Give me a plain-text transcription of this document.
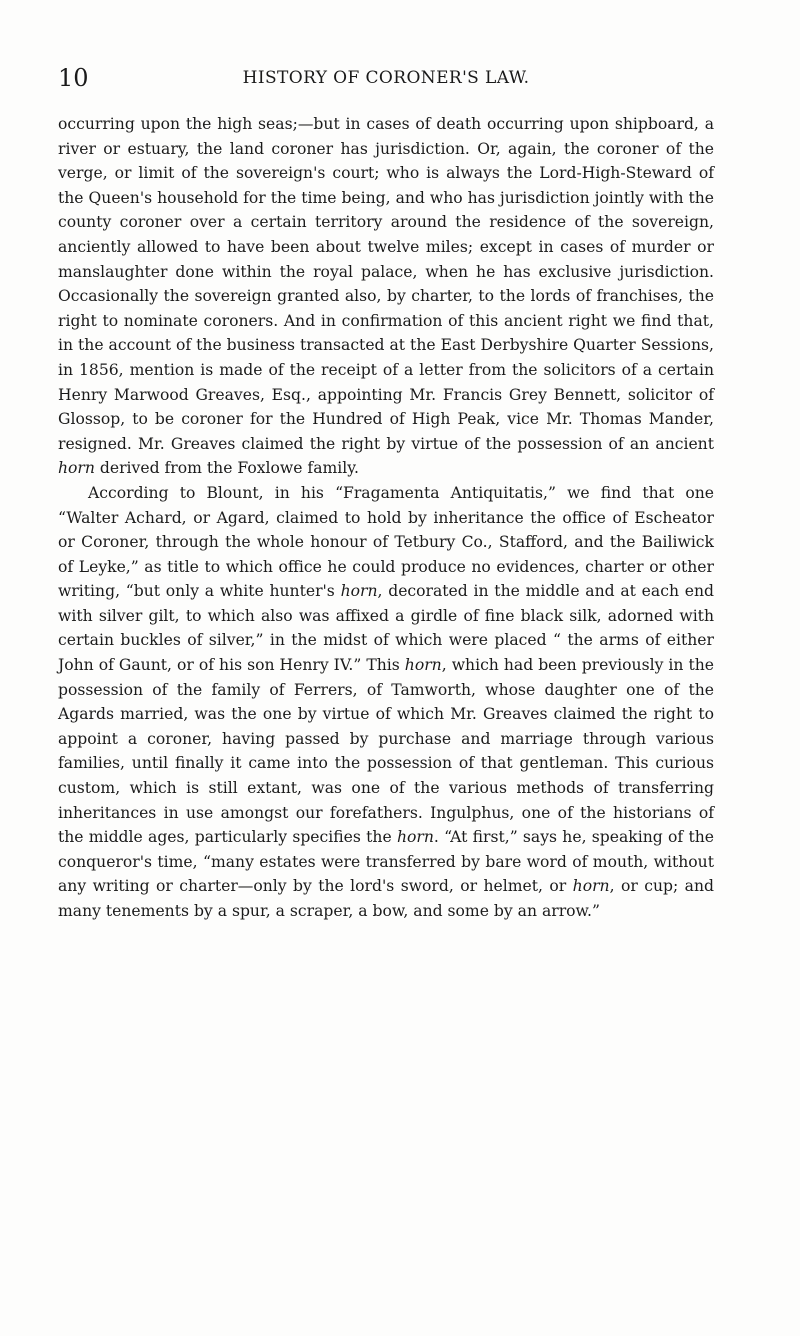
10	HISTORY OF CORONER'S LAW.

occurring upon the high seas;—but in cases of death occurring upon shipboard, a river or estuary, the land coroner has jurisdiction. Or, again, the coroner of the verge, or limit of the sovereign's court; who is always the Lord-High-Steward of the Queen's household for the time being, and who has jurisdiction jointly with the county coroner over a certain territory around the residence of the sovereign, anciently allowed to have been about twelve miles; except in cases of murder or manslaughter done within the royal palace, when he has exclusive jurisdiction. Occasionally the sovereign granted also, by charter, to the lords of franchises, the right to nominate coroners. And in confirmation of this ancient right we find that, in the account of the business transacted at the East Derbyshire Quarter Sessions, in 1856, mention is made of the receipt of a letter from the solicitors of a certain Henry Marwood Greaves, Esq., appointing Mr. Francis Grey Bennett, solicitor of Glossop, to be coroner for the Hundred of High Peak, vice Mr. Thomas Mander, resigned. Mr. Greaves claimed the right by virtue of the possession of an ancient horn derived from the Foxlowe family.

According to Blount, in his “Fragamenta Antiquitatis,” we find that one “Walter Achard, or Agard, claimed to hold by inheritance the office of Escheator or Coroner, through the whole honour of Tetbury Co., Stafford, and the Bailiwick of Leyke,” as title to which office he could produce no evidences, charter or other writing, “but only a white hunter's horn, decorated in the middle and at each end with silver gilt, to which also was affixed a girdle of fine black silk, adorned with certain buckles of silver,” in the midst of which were placed “ the arms of either John of Gaunt, or of his son Henry IV.” This horn, which had been previously in the possession of the family of Ferrers, of Tamworth, whose daughter one of the Agards married, was the one by virtue of which Mr. Greaves claimed the right to appoint a coroner, having passed by purchase and marriage through various families, until finally it came into the possession of that gentleman. This curious custom, which is still extant, was one of the various methods of transferring inheritances in use amongst our forefathers. Ingulphus, one of the historians of the middle ages, particularly specifies the horn. “At first,” says he, speaking of the conqueror's time, “many estates were transferred by bare word of mouth, without any writing or charter—only by the lord's sword, or helmet, or horn, or cup; and many tenements by a spur, a scraper, a bow, and some by an arrow.”
